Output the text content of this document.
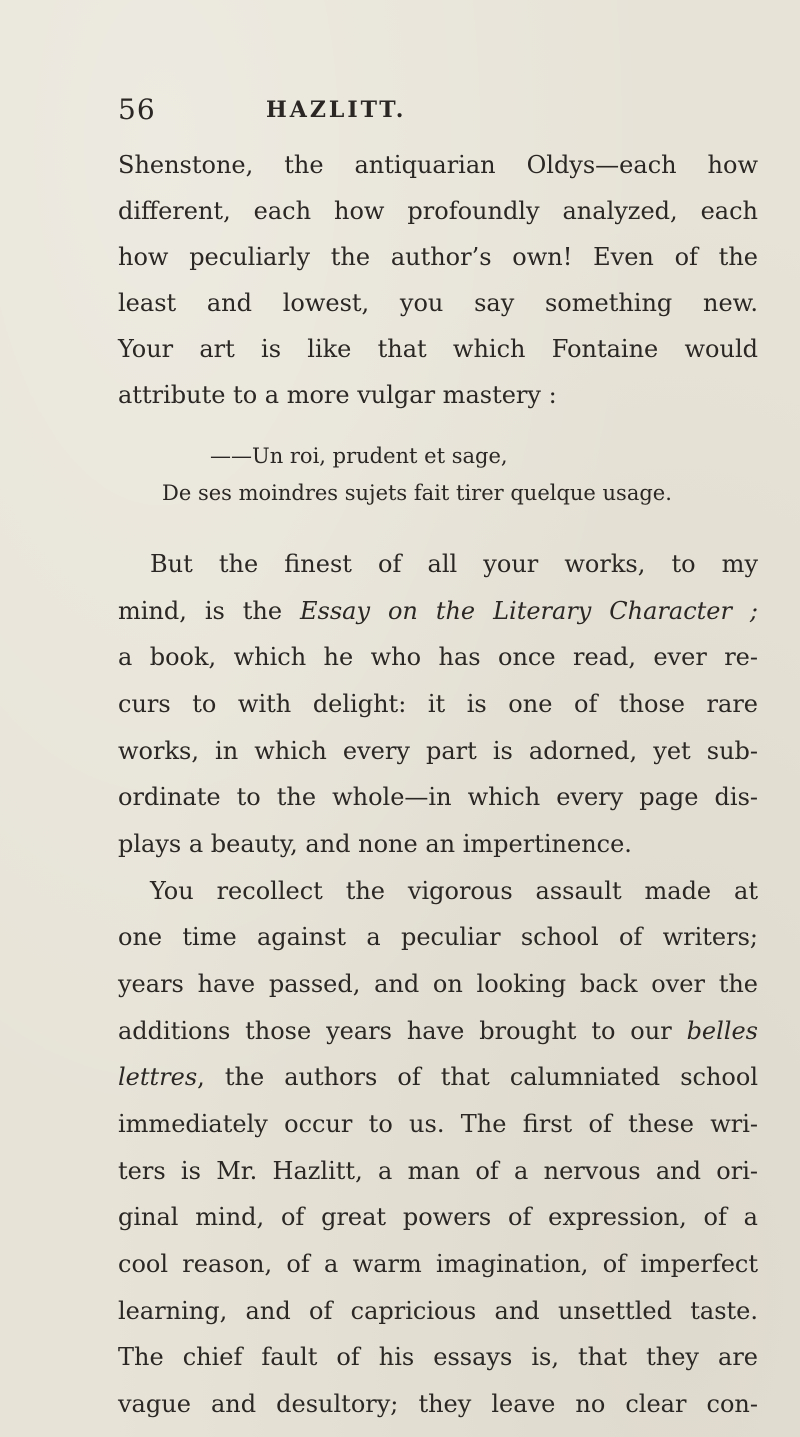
56	HAZLITT.
Shenstone, the antiquarian Oldys—each how
different, each how profoundly analyzed, each
how peculiarly the author’s own! Even of the
least and lowest, you say something new.
Your art is like that which Fontaine would
attribute to a more vulgar mastery :
——Un roi, prudent et sage,
De ses moindres sujets fait tirer quelque usage.
But the finest of all your works, to my
mind, is the Essay on the Literary Character ;
a book, which he who has once read, ever re-
curs to with delight: it is one of those rare
works, in which every part is adorned, yet sub-
ordinate to the whole—in which every page dis-
plays a beauty, and none an impertinence.
You recollect the vigorous assault made at
one time against a peculiar school of writers;
years have passed, and on looking back over the
additions those years have brought to our belles
lettres, the authors of that calumniated school
immediately occur to us. The first of these wri-
ters is Mr. Hazlitt, a man of a nervous and ori-
ginal mind, of great powers of expression, of a
cool reason, of a warm imagination, of imperfect
learning, and of capricious and unsettled taste.
The chief fault of his essays is, that they are
vague and desultory; they leave no clear con-
